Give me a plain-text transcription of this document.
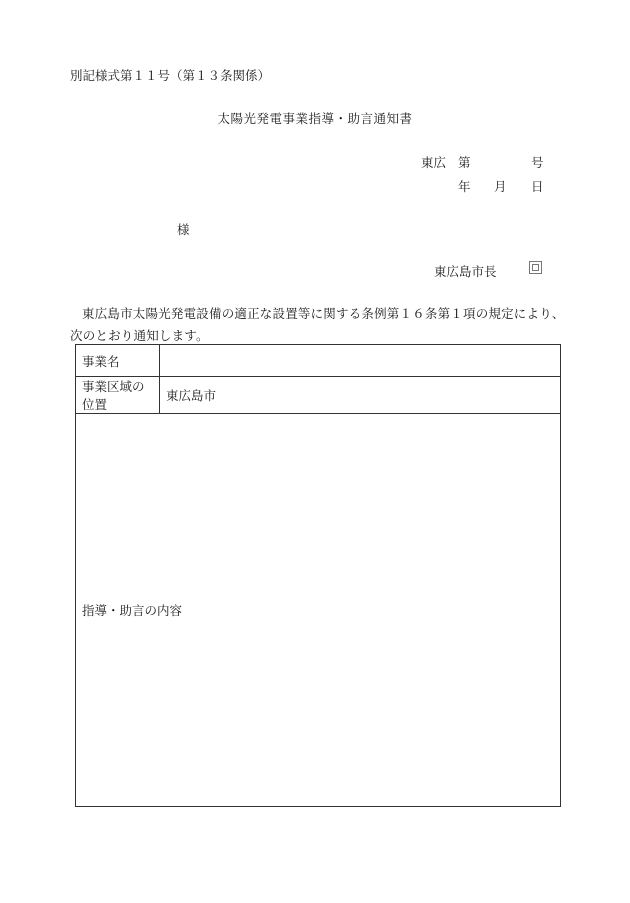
別記様式第１１号（第１３条関係）
太陽光発電事業指導・助言通知書
東広 第	号
年 月 日
様
東広島市長
東広島市太陽光発電設備の適正な設置等に関する条例第１６条第１項の規定により、次のとおり通知します。
事業名	
事業区域の位置	東広島市
指導・助言の内容	
